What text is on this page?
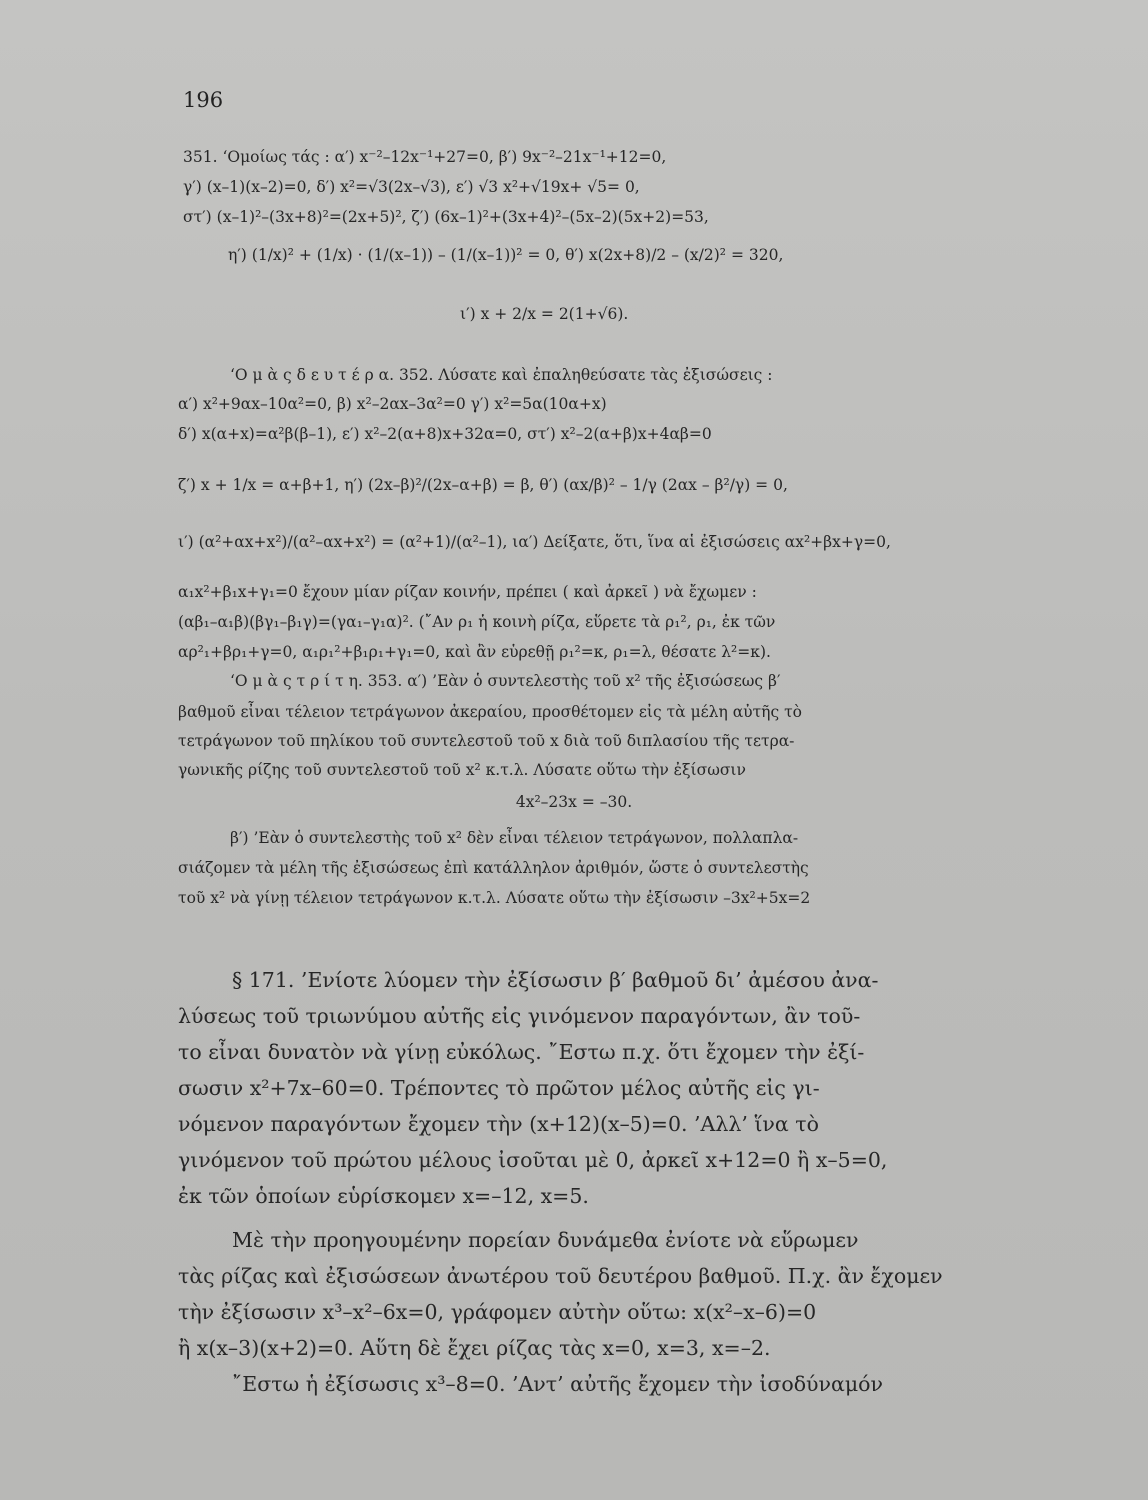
196
351. ‘Ομοίως τάς : α′) x⁻²–12x⁻¹+27=0, β′) 9x⁻²–21x⁻¹+12=0,
γ′) (x–1)(x–2)=0, δ′) x²=√3(2x–√3), ε′) √3 x²+√19x+ √5= 0,
στ′) (x–1)²–(3x+8)²=(2x+5)², ζ′) (6x–1)²+(3x+4)²–(5x–2)(5x+2)=53,
η′) (1/x)² + (1/x) · (1/(x–1)) – (1/(x–1))² = 0, θ′) x(2x+8)/2 – (x/2)² = 320,
ι′) x + 2/x = 2(1+√6).
‘Ο μ ὰ ς δ ε υ τ έ ρ α. 352. Λύσατε καὶ ἐπαληθεύσατε τὰς ἐξισώσεις :
α′) x²+9αx–10α²=0, β) x²–2αx–3α²=0 γ′) x²=5α(10α+x)
δ′) x(α+x)=α²β(β–1), ε′) x²–2(α+8)x+32α=0, στ′) x²–2(α+β)x+4αβ=0
ζ′) x + 1/x = α+β+1, η′) (2x–β)²/(2x–α+β) = β, θ′) (αx/β)² – 1/γ (2αx – β²/γ) = 0,
ι′) (α²+αx+x²)/(α²–αx+x²) = (α²+1)/(α²–1), ια′) Δείξατε, ὅτι, ἵνα αἱ ἐξισώσεις αx²+βx+γ=0,
α₁x²+β₁x+γ₁=0 ἔχουν μίαν ρίζαν κοινήν, πρέπει ( καὶ ἀρκεῖ ) νὰ ἔχωμεν :
(αβ₁–α₁β)(βγ₁–β₁γ)=(γα₁–γ₁α)². (῎Αν ρ₁ ἡ κοινὴ ρίζα, εὕρετε τὰ ρ₁², ρ₁, ἐκ τῶν
αρ²₁+βρ₁+γ=0, α₁ρ₁²+β₁ρ₁+γ₁=0, καὶ ἂν εὑρεθῇ ρ₁²=κ, ρ₁=λ, θέσατε λ²=κ).
‘Ο μ ὰ ς τ ρ ί τ η. 353. α′) ’Εὰν ὁ συντελεστὴς τοῦ x² τῆς ἐξισώσεως β′
βαθμοῦ εἶναι τέλειον τετράγωνον ἀκεραίου, προσθέτομεν εἰς τὰ μέλη αὐτῆς τὸ
τετράγωνον τοῦ πηλίκου τοῦ συντελεστοῦ τοῦ x διὰ τοῦ διπλασίου τῆς τετρα-
γωνικῆς ρίζης τοῦ συντελεστοῦ τοῦ x² κ.τ.λ. Λύσατε οὕτω τὴν ἐξίσωσιν
4x²–23x = –30.
β′) ’Εὰν ὁ συντελεστὴς τοῦ x² δὲν εἶναι τέλειον τετράγωνον, πολλαπλα-
σιάζομεν τὰ μέλη τῆς ἐξισώσεως ἐπὶ κατάλληλον ἀριθμόν, ὥστε ὁ συντελεστὴς
τοῦ x² νὰ γίνῃ τέλειον τετράγωνον κ.τ.λ. Λύσατε οὕτω τὴν ἐξίσωσιν –3x²+5x=2
§ 171. ’Ενίοτε λύομεν τὴν ἐξίσωσιν β′ βαθμοῦ δι’ ἀμέσου ἀνα-
λύσεως τοῦ τριωνύμου αὐτῆς εἰς γινόμενον παραγόντων, ἂν τοῦ-
το εἶναι δυνατὸν νὰ γίνῃ εὐκόλως. ῎Εστω π.χ. ὅτι ἔχομεν τὴν ἐξί-
σωσιν x²+7x–60=0. Τρέποντες τὸ πρῶτον μέλος αὐτῆς εἰς γι-
νόμενον παραγόντων ἔχομεν τὴν (x+12)(x–5)=0. ’Αλλ’ ἵνα τὸ
γινόμενον τοῦ πρώτου μέλους ἰσοῦται μὲ 0, ἀρκεῖ x+12=0 ἢ x–5=0,
ἐκ τῶν ὁποίων εὑρίσκομεν x=–12, x=5.
Μὲ τὴν προηγουμένην πορείαν δυνάμεθα ἐνίοτε νὰ εὕρωμεν
τὰς ρίζας καὶ ἐξισώσεων ἀνωτέρου τοῦ δευτέρου βαθμοῦ. Π.χ. ἂν ἔχομεν
τὴν ἐξίσωσιν x³–x²–6x=0, γράφομεν αὐτὴν οὕτω: x(x²–x–6)=0
ἢ x(x–3)(x+2)=0. Αὕτη δὲ ἔχει ρίζας τὰς x=0, x=3, x=–2.
῎Εστω ἡ ἐξίσωσις x³–8=0. ’Αντ’ αὐτῆς ἔχομεν τὴν ἰσοδύναμόν
